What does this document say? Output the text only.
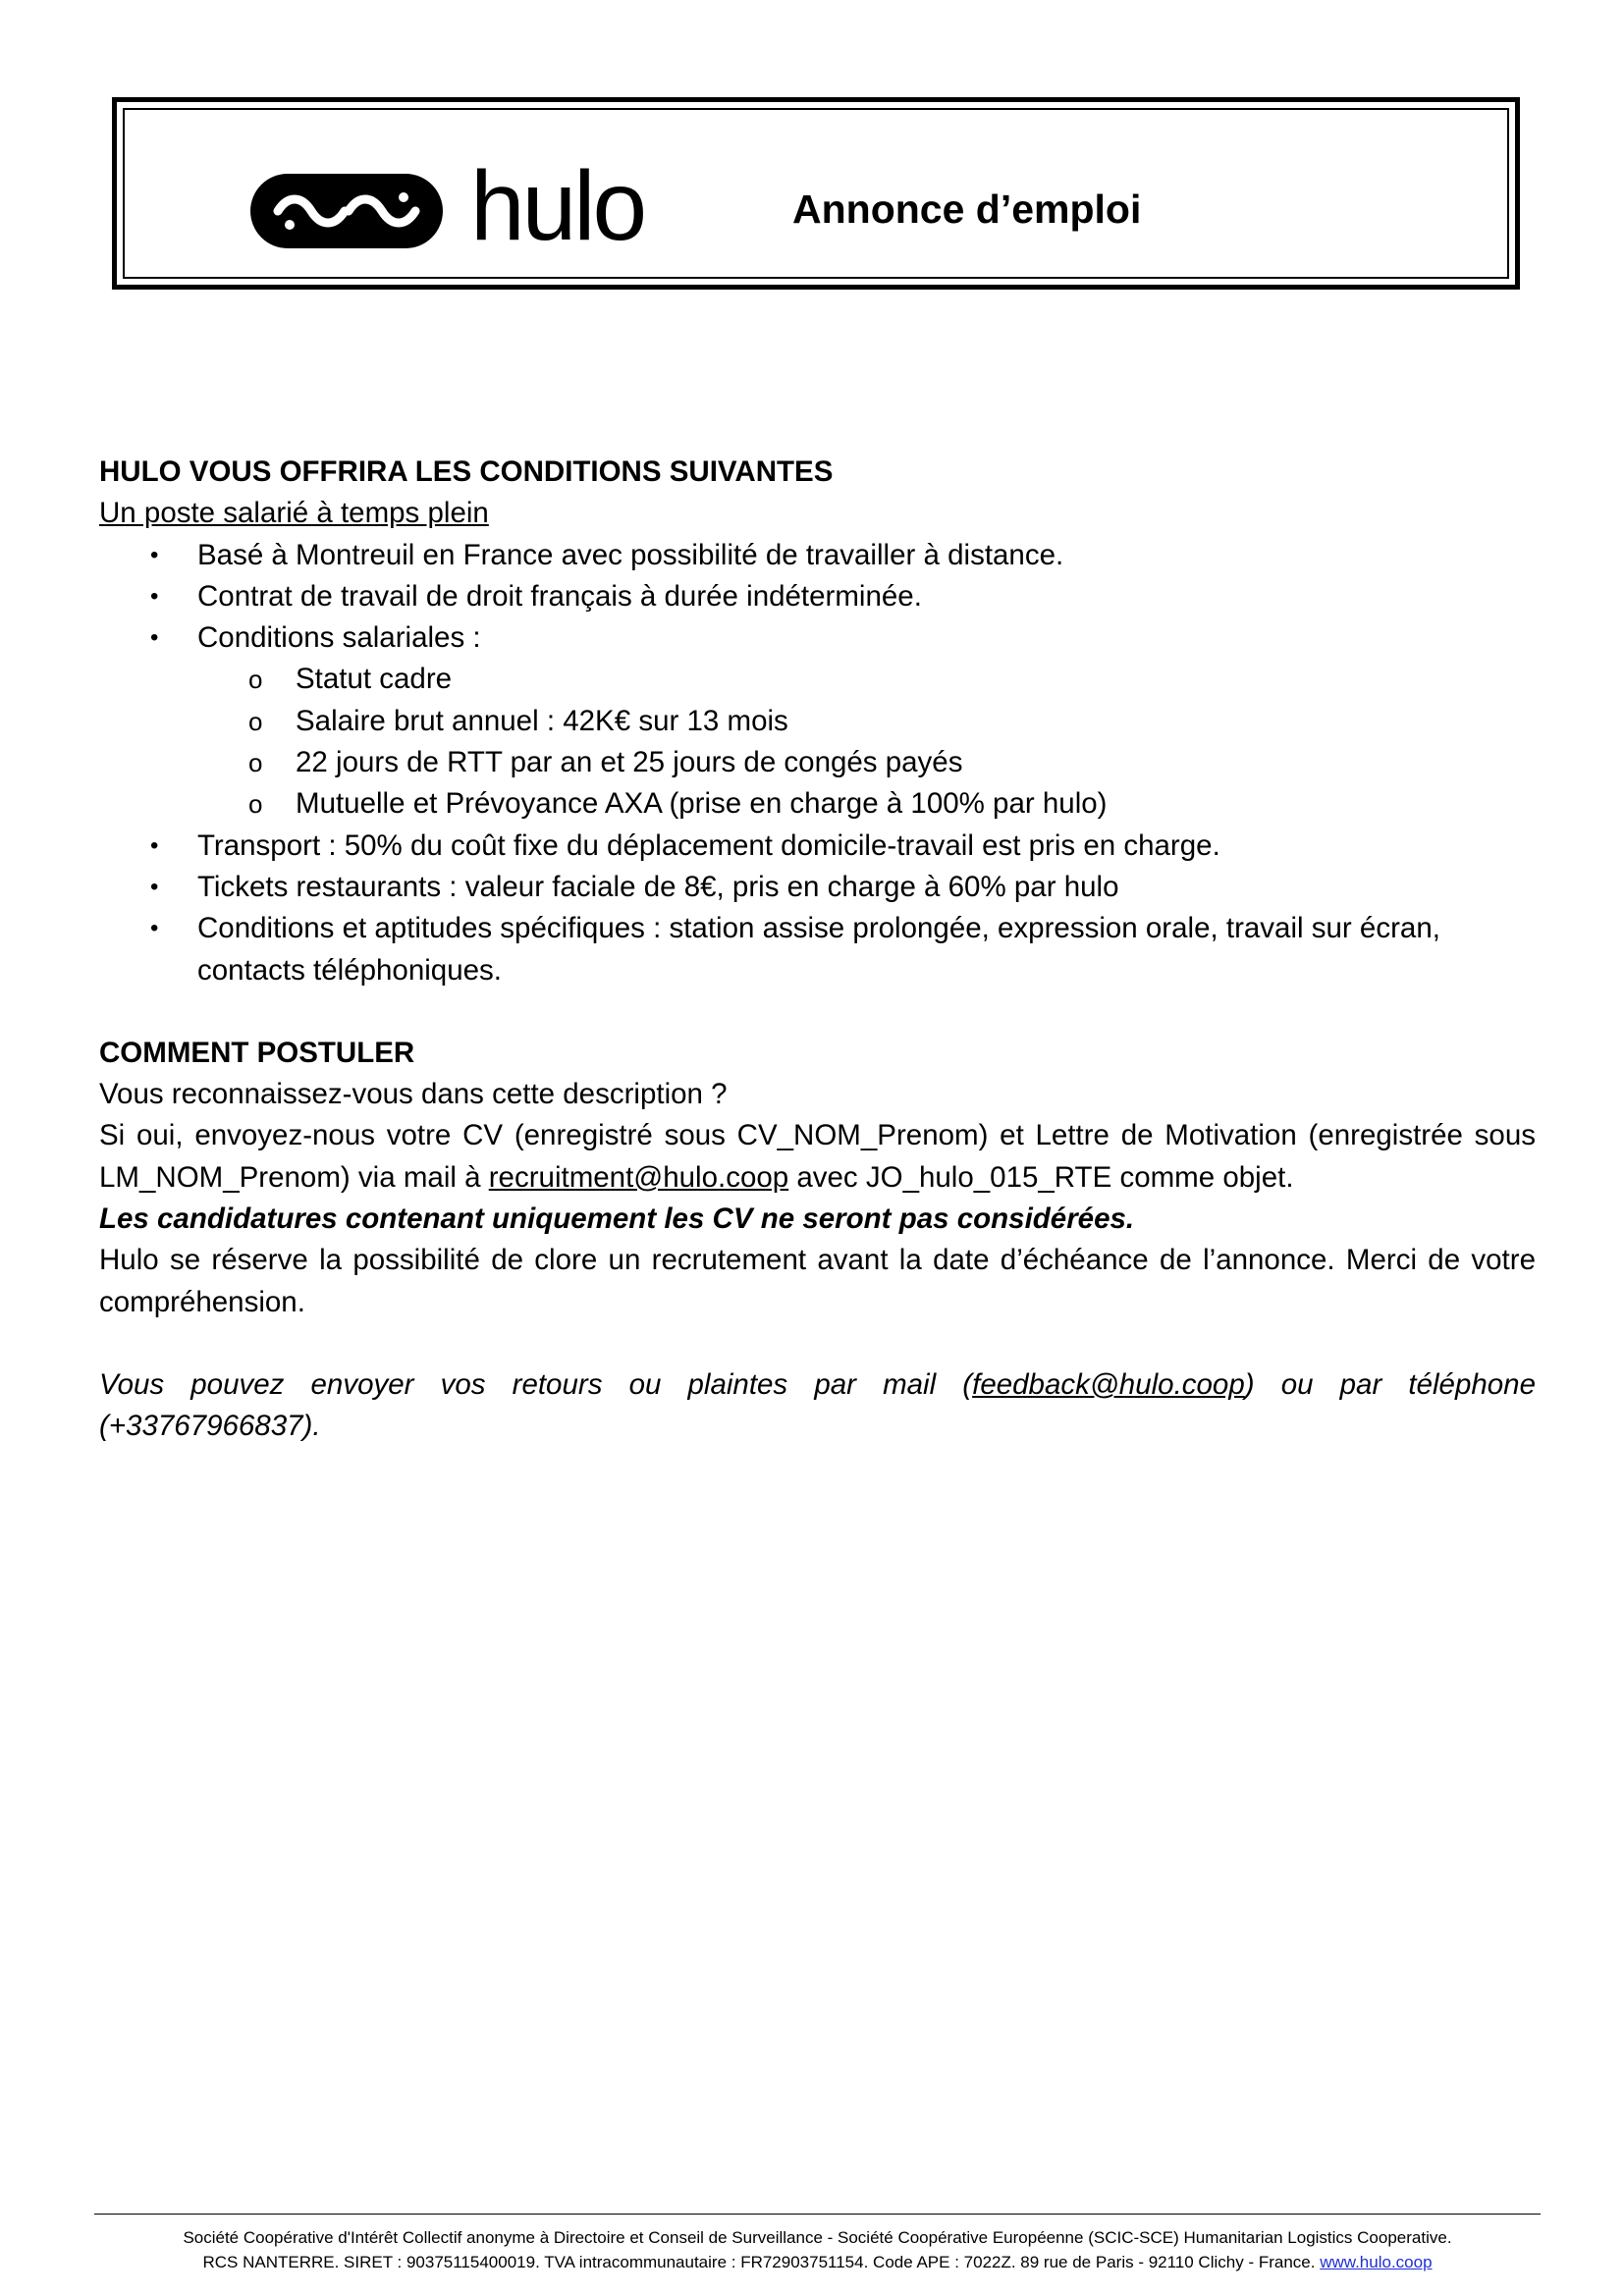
hulo	Annonce d’emploi

HULO VOUS OFFRIRA LES CONDITIONS SUIVANTES

Un poste salarié à temps plein

• Basé à Montreuil en France avec possibilité de travailler à distance.
• Contrat de travail de droit français à durée indéterminée.
• Conditions salariales :
o Statut cadre
o Salaire brut annuel : 42K€ sur 13 mois
o 22 jours de RTT par an et 25 jours de congés payés
o Mutuelle et Prévoyance AXA (prise en charge à 100% par hulo)
• Transport : 50% du coût fixe du déplacement domicile-travail est pris en charge.
• Tickets restaurants : valeur faciale de 8€, pris en charge à 60% par hulo
• Conditions et aptitudes spécifiques : station assise prolongée, expression orale, travail sur écran, contacts téléphoniques.

COMMENT POSTULER

Vous reconnaissez-vous dans cette description ?

Si oui, envoyez-nous votre CV (enregistré sous CV_NOM_Prenom) et Lettre de Motivation (enregistrée sous LM_NOM_Prenom) via mail à recruitment@hulo.coop avec JO_hulo_015_RTE comme objet.

Les candidatures contenant uniquement les CV ne seront pas considérées.

Hulo se réserve la possibilité de clore un recrutement avant la date d’échéance de l’annonce. Merci de votre compréhension.

Vous pouvez envoyer vos retours ou plaintes par mail (feedback@hulo.coop) ou par téléphone (+33767966837).

Société Coopérative d'Intérêt Collectif anonyme à Directoire et Conseil de Surveillance - Société Coopérative Européenne (SCIC-SCE) Humanitarian Logistics Cooperative.
RCS NANTERRE. SIRET : 90375115400019. TVA intracommunautaire : FR72903751154. Code APE : 7022Z. 89 rue de Paris - 92110 Clichy - France. www.hulo.coop
